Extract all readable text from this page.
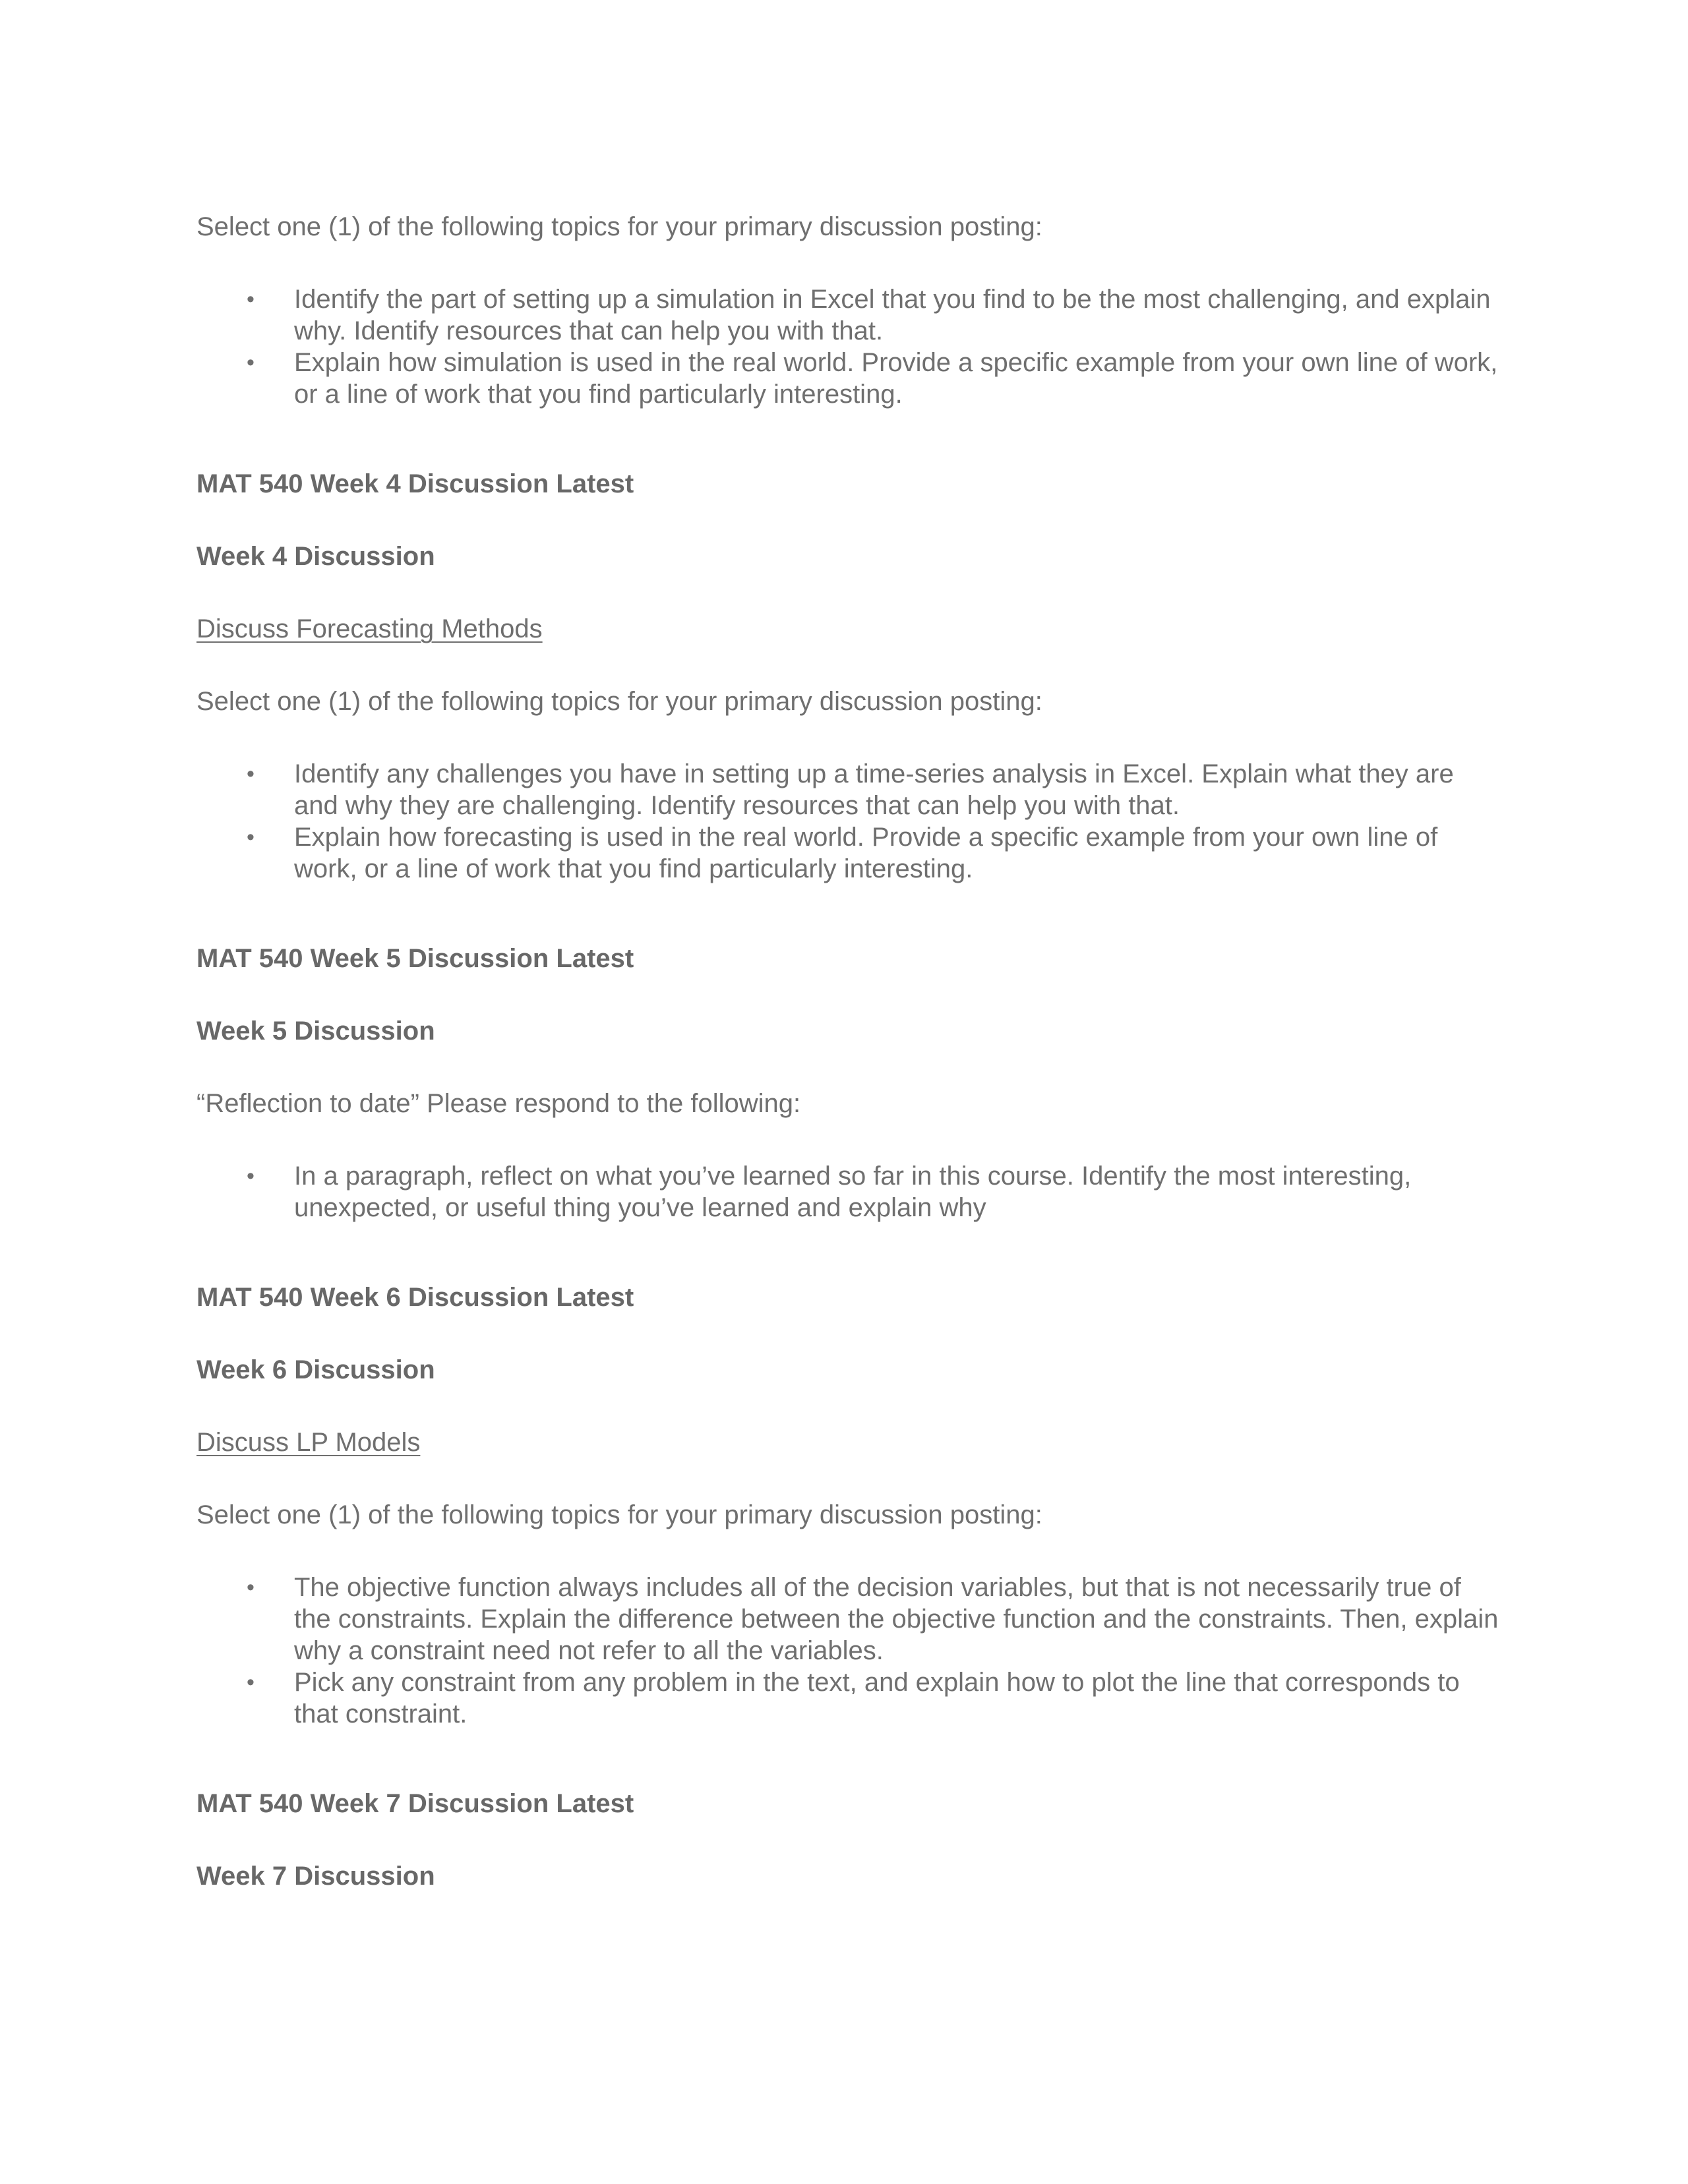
Select one (1) of the following topics for your primary discussion posting:

• Identify the part of setting up a simulation in Excel that you find to be the most challenging, and explain why. Identify resources that can help you with that.
• Explain how simulation is used in the real world. Provide a specific example from your own line of work, or a line of work that you find particularly interesting.

MAT 540 Week 4 Discussion Latest

Week 4 Discussion

Discuss Forecasting Methods

Select one (1) of the following topics for your primary discussion posting:

• Identify any challenges you have in setting up a time-series analysis in Excel. Explain what they are and why they are challenging. Identify resources that can help you with that.
• Explain how forecasting is used in the real world. Provide a specific example from your own line of work, or a line of work that you find particularly interesting.

MAT 540 Week 5 Discussion Latest

Week 5 Discussion

“Reflection to date” Please respond to the following:

• In a paragraph, reflect on what you’ve learned so far in this course. Identify the most interesting, unexpected, or useful thing you’ve learned and explain why

MAT 540 Week 6 Discussion Latest

Week 6 Discussion

Discuss LP Models

Select one (1) of the following topics for your primary discussion posting:

• The objective function always includes all of the decision variables, but that is not necessarily true of the constraints. Explain the difference between the objective function and the constraints. Then, explain why a constraint need not refer to all the variables.
• Pick any constraint from any problem in the text, and explain how to plot the line that corresponds to that constraint.

MAT 540 Week 7 Discussion Latest

Week 7 Discussion
